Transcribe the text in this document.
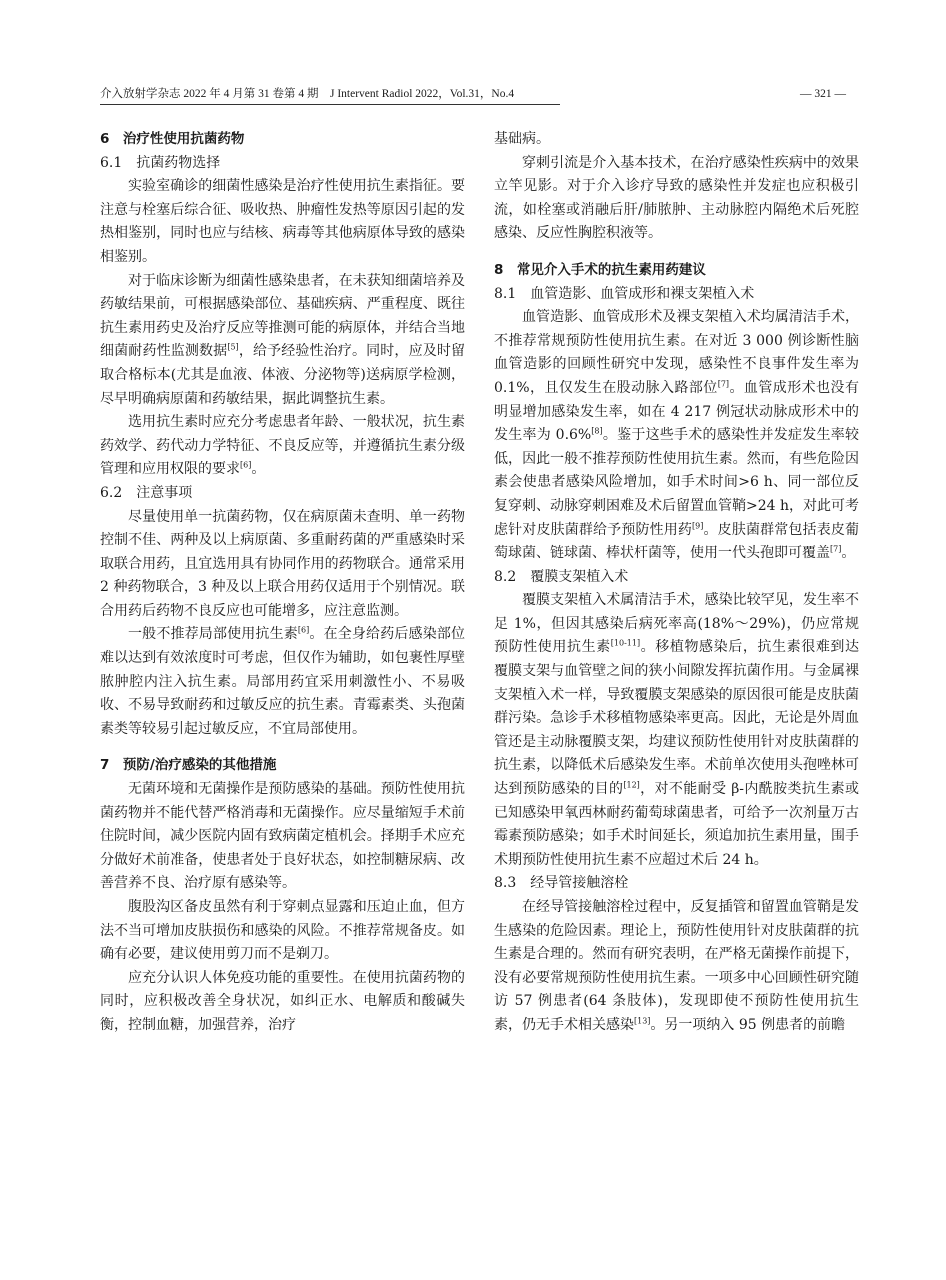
介入放射学杂志 2022 年 4 月第 31 卷第 4 期　J Intervent Radiol 2022，Vol.31，No.4	— 321 —
6　治疗性使用抗菌药物
6.1　抗菌药物选择
实验室确诊的细菌性感染是治疗性使用抗生素指征。要注意与栓塞后综合征、吸收热、肿瘤性发热等原因引起的发热相鉴别，同时也应与结核、病毒等其他病原体导致的感染相鉴别。
对于临床诊断为细菌性感染患者，在未获知细菌培养及药敏结果前，可根据感染部位、基础疾病、严重程度、既往抗生素用药史及治疗反应等推测可能的病原体，并结合当地细菌耐药性监测数据[5]，给予经验性治疗。同时，应及时留取合格标本(尤其是血液、体液、分泌物等)送病原学检测，尽早明确病原菌和药敏结果，据此调整抗生素。
选用抗生素时应充分考虑患者年龄、一般状况，抗生素药效学、药代动力学特征、不良反应等，并遵循抗生素分级管理和应用权限的要求[6]。
6.2　注意事项
尽量使用单一抗菌药物，仅在病原菌未查明、单一药物控制不佳、两种及以上病原菌、多重耐药菌的严重感染时采取联合用药，且宜选用具有协同作用的药物联合。通常采用 2 种药物联合，3 种及以上联合用药仅适用于个别情况。联合用药后药物不良反应也可能增多，应注意监测。
一般不推荐局部使用抗生素[6]。在全身给药后感染部位难以达到有效浓度时可考虑，但仅作为辅助，如包裹性厚壁脓肿腔内注入抗生素。局部用药宜采用刺激性小、不易吸收、不易导致耐药和过敏反应的抗生素。青霉素类、头孢菌素类等较易引起过敏反应，不宜局部使用。
7　预防/治疗感染的其他措施
无菌环境和无菌操作是预防感染的基础。预防性使用抗菌药物并不能代替严格消毒和无菌操作。应尽量缩短手术前住院时间，减少医院内固有致病菌定植机会。择期手术应充分做好术前准备，使患者处于良好状态，如控制糖尿病、改善营养不良、治疗原有感染等。
腹股沟区备皮虽然有利于穿刺点显露和压迫止血，但方法不当可增加皮肤损伤和感染的风险。不推荐常规备皮。如确有必要，建议使用剪刀而不是剃刀。
应充分认识人体免疫功能的重要性。在使用抗菌药物的同时，应积极改善全身状况，如纠正水、电解质和酸碱失衡，控制血糖，加强营养，治疗
基础病。
穿刺引流是介入基本技术，在治疗感染性疾病中的效果立竿见影。对于介入诊疗导致的感染性并发症也应积极引流，如栓塞或消融后肝/肺脓肿、主动脉腔内隔绝术后死腔感染、反应性胸腔积液等。
8　常见介入手术的抗生素用药建议
8.1　血管造影、血管成形和裸支架植入术
血管造影、血管成形术及裸支架植入术均属清洁手术，不推荐常规预防性使用抗生素。在对近 3 000 例诊断性脑血管造影的回顾性研究中发现，感染性不良事件发生率为 0.1%，且仅发生在股动脉入路部位[7]。血管成形术也没有明显增加感染发生率，如在 4 217 例冠状动脉成形术中的发生率为 0.6%[8]。鉴于这些手术的感染性并发症发生率较低，因此一般不推荐预防性使用抗生素。然而，有些危险因素会使患者感染风险增加，如手术时间>6 h、同一部位反复穿刺、动脉穿刺困难及术后留置血管鞘>24 h，对此可考虑针对皮肤菌群给予预防性用药[9]。皮肤菌群常包括表皮葡萄球菌、链球菌、棒状杆菌等，使用一代头孢即可覆盖[7]。
8.2　覆膜支架植入术
覆膜支架植入术属清洁手术，感染比较罕见，发生率不足 1%，但因其感染后病死率高(18%～29%)，仍应常规预防性使用抗生素[10-11]。移植物感染后，抗生素很难到达覆膜支架与血管壁之间的狭小间隙发挥抗菌作用。与金属裸支架植入术一样，导致覆膜支架感染的原因很可能是皮肤菌群污染。急诊手术移植物感染率更高。因此，无论是外周血管还是主动脉覆膜支架，均建议预防性使用针对皮肤菌群的抗生素，以降低术后感染发生率。术前单次使用头孢唑林可达到预防感染的目的[12]，对不能耐受 β-内酰胺类抗生素或已知感染甲氧西林耐药葡萄球菌患者，可给予一次剂量万古霉素预防感染；如手术时间延长，须追加抗生素用量，围手术期预防性使用抗生素不应超过术后 24 h。
8.3　经导管接触溶栓
在经导管接触溶栓过程中，反复插管和留置血管鞘是发生感染的危险因素。理论上，预防性使用针对皮肤菌群的抗生素是合理的。然而有研究表明，在严格无菌操作前提下，没有必要常规预防性使用抗生素。一项多中心回顾性研究随访 57 例患者(64 条肢体)，发现即使不预防性使用抗生素，仍无手术相关感染[13]。另一项纳入 95 例患者的前瞻
